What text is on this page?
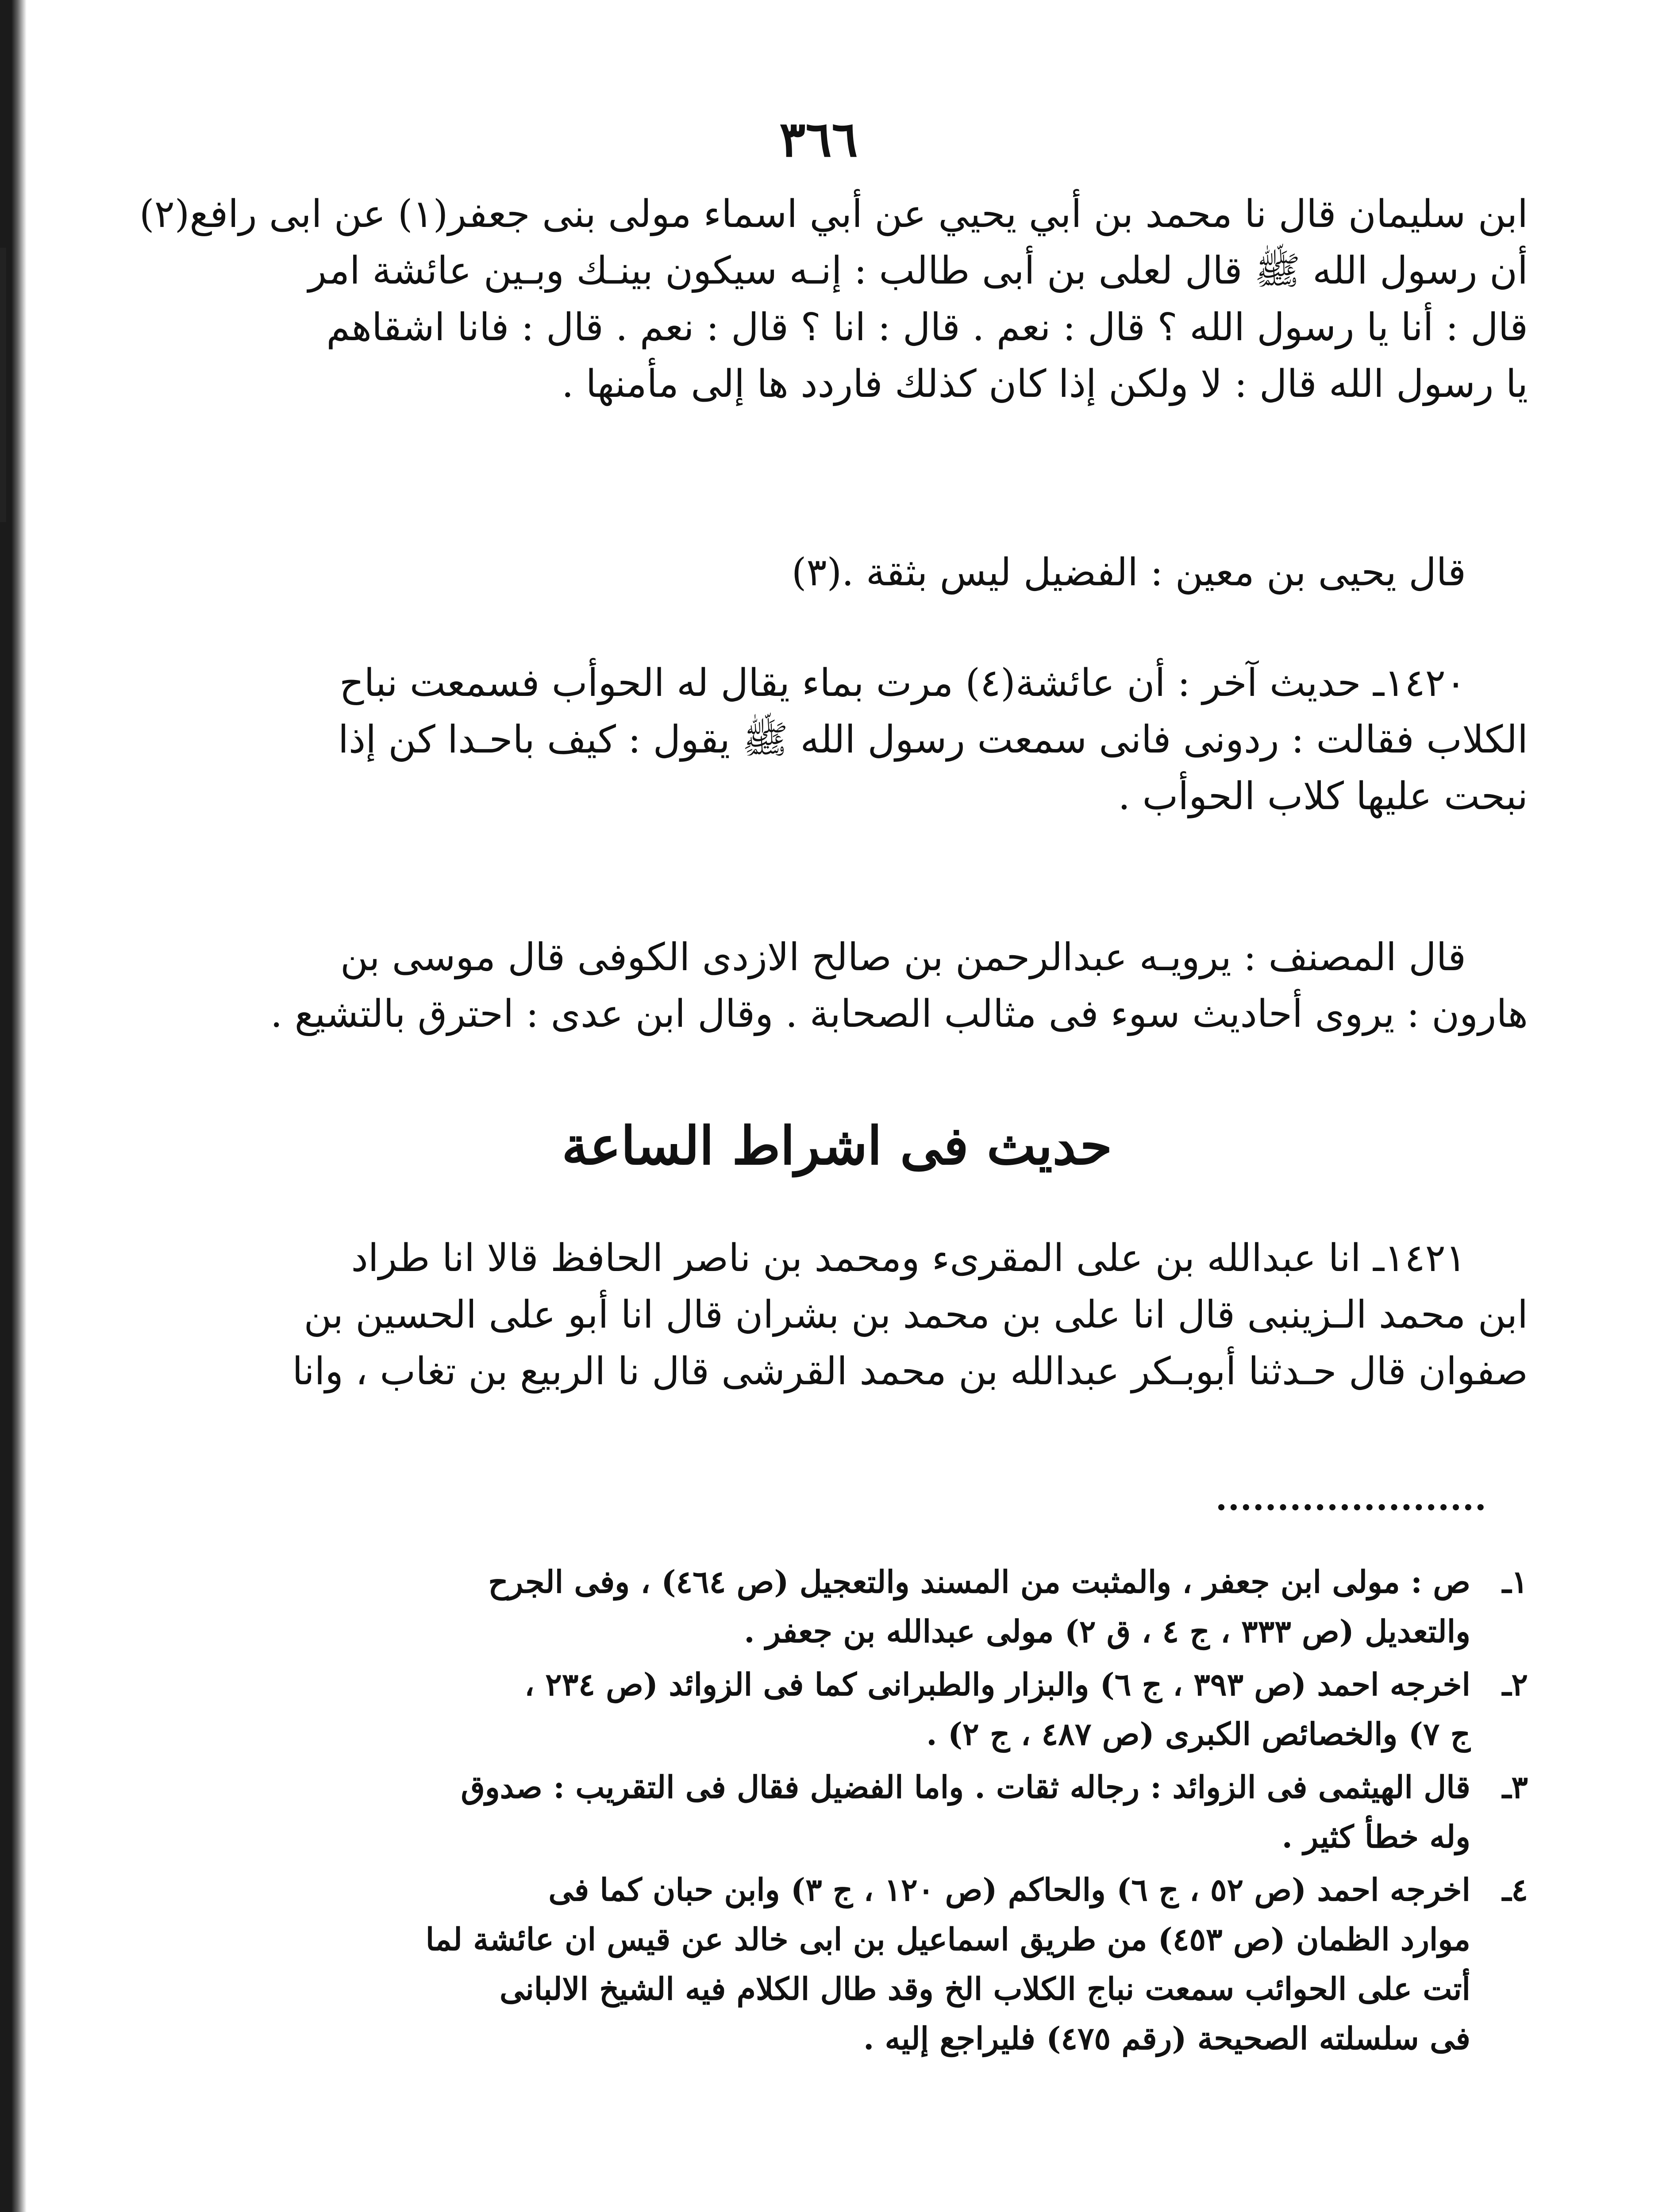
٣٦٦
ابن سليمان قال نا محمد بن أبي يحيي عن أبي اسماء مولى بنى جعفر(١) عن ابى رافع(٢)
أن رسول الله ﷺ قال لعلى بن أبى طالب : إنـه سيكون بينـك وبـين عائشة امر
قال : أنا يا رسول الله ؟ قال : نعم . قال : انا ؟ قال : نعم . قال : فانا اشقاهم
يا رسول الله قال : لا ولكن إذا كان كذلك فاردد ها إلى مأمنها .
قال يحيى بن معين : الفضيل ليس بثقة .(٣)
١٤٢٠ـ حديث آخر : أن عائشة(٤) مرت بماء يقال له الحوأب فسمعت نباح
الكلاب فقالت : ردونى فانى سمعت رسول الله ﷺ يقول : كيف باحـدا كن إذا
نبحت عليها كلاب الحوأب .
قال المصنف : يرويـه عبدالرحمن بن صالح الازدى الكوفى قال موسى بن
هارون : يروى أحاديث سوء فى مثالب الصحابة . وقال ابن عدى : احترق بالتشيع .
حديث فى اشراط الساعة
١٤٢١ـ انا عبدالله بن على المقرىء ومحمد بن ناصر الحافظ قالا انا طراد
ابن محمد الـزينبى قال انا على بن محمد بن بشران قال انا أبو على الحسين بن
صفوان قال حـدثنا أبوبـكر عبدالله بن محمد القرشى قال نا الربيع بن تغاب ، وانا
١ـ
ص : مولى ابن جعفر ، والمثبت من المسند والتعجيل (ص ٤٦٤) ، وفى الجرح
والتعديل (ص ٣٣٣ ، ج ٤ ، ق ٢) مولى عبدالله بن جعفر .
٢ـ
اخرجه احمد (ص ٣٩٣ ، ج ٦) والبزار والطبرانى كما فى الزوائد (ص ٢٣٤ ،
ج ٧) والخصائص الكبرى (ص ٤٨٧ ، ج ٢) .
٣ـ
قال الهيثمى فى الزوائد : رجاله ثقات . واما الفضيل فقال فى التقريب : صدوق
وله خطأ كثير .
٤ـ
اخرجه احمد (ص ٥٢ ، ج ٦) والحاكم (ص ١٢٠ ، ج ٣) وابن حبان كما فى
موارد الظمان (ص ٤٥٣) من طريق اسماعيل بن ابى خالد عن قيس ان عائشة لما
أتت على الحوائب سمعت نباج الكلاب الخ وقد طال الكلام فيه الشيخ الالبانى
فى سلسلته الصحيحة (رقم ٤٧٥) فليراجع إليه .
